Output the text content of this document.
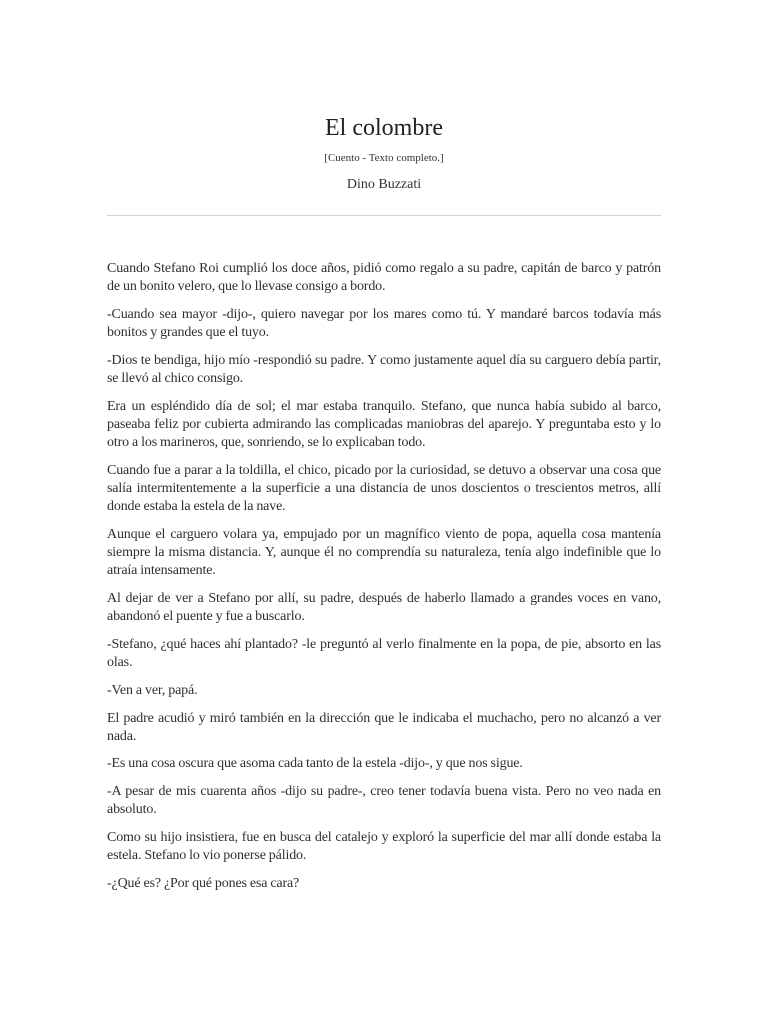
El colombre
[Cuento - Texto completo.]
Dino Buzzati

Cuando Stefano Roi cumplió los doce años, pidió como regalo a su padre, capitán de barco y patrón de un bonito velero, que lo llevase consigo a bordo.

-Cuando sea mayor -dijo-, quiero navegar por los mares como tú. Y mandaré barcos todavía más bonitos y grandes que el tuyo.

-Dios te bendiga, hijo mío -respondió su padre. Y como justamente aquel día su carguero debía partir, se llevó al chico consigo.

Era un espléndido día de sol; el mar estaba tranquilo. Stefano, que nunca había subido al barco, paseaba feliz por cubierta admirando las complicadas maniobras del aparejo. Y preguntaba esto y lo otro a los marineros, que, sonriendo, se lo explicaban todo.

Cuando fue a parar a la toldilla, el chico, picado por la curiosidad, se detuvo a observar una cosa que salía intermitentemente a la superficie a una distancia de unos doscientos o trescientos metros, allí donde estaba la estela de la nave.

Aunque el carguero volara ya, empujado por un magnífico viento de popa, aquella cosa mantenía siempre la misma distancia. Y, aunque él no comprendía su naturaleza, tenía algo indefinible que lo atraía intensamente.

Al dejar de ver a Stefano por allí, su padre, después de haberlo llamado a grandes voces en vano, abandonó el puente y fue a buscarlo.

-Stefano, ¿qué haces ahí plantado? -le preguntó al verlo finalmente en la popa, de pie, absorto en las olas.

-Ven a ver, papá.

El padre acudió y miró también en la dirección que le indicaba el muchacho, pero no alcanzó a ver nada.

-Es una cosa oscura que asoma cada tanto de la estela -dijo-, y que nos sigue.

-A pesar de mis cuarenta años -dijo su padre-, creo tener todavía buena vista. Pero no veo nada en absoluto.

Como su hijo insistiera, fue en busca del catalejo y exploró la superficie del mar allí donde estaba la estela. Stefano lo vio ponerse pálido.

-¿Qué es? ¿Por qué pones esa cara?
